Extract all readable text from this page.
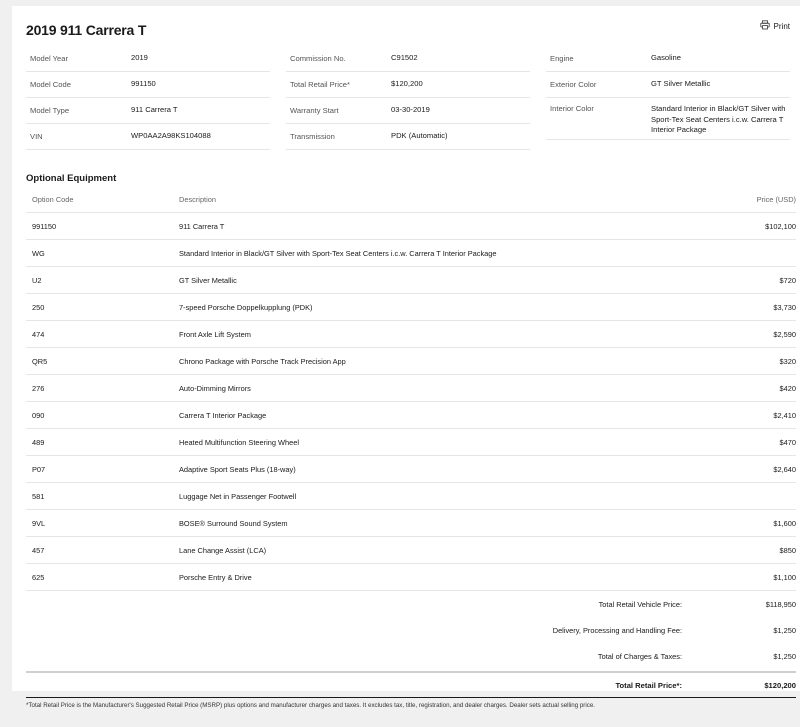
2019 911 Carrera T	Print
Model Year	2019
Model Code	991150
Model Type	911 Carrera T
VIN	WP0AA2A98KS104088
Commission No.	C91502
Total Retail Price*	$120,200
Warranty Start	03-30-2019
Transmission	PDK (Automatic)
Engine	Gasoline
Exterior Color	GT Silver Metallic
Interior Color	Standard Interior in Black/GT Silver with Sport-Tex Seat Centers i.c.w. Carrera T Interior Package
Optional Equipment
Option Code	Description	Price (USD)
991150	911 Carrera T	$102,100
WG	Standard Interior in Black/GT Silver with Sport-Tex Seat Centers i.c.w. Carrera T Interior Package
U2	GT Silver Metallic	$720
250	7-speed Porsche Doppelkupplung (PDK)	$3,730
474	Front Axle Lift System	$2,590
QR5	Chrono Package with Porsche Track Precision App	$320
276	Auto-Dimming Mirrors	$420
090	Carrera T Interior Package	$2,410
489	Heated Multifunction Steering Wheel	$470
P07	Adaptive Sport Seats Plus (18-way)	$2,640
581	Luggage Net in Passenger Footwell
9VL	BOSE® Surround Sound System	$1,600
457	Lane Change Assist (LCA)	$850
625	Porsche Entry & Drive	$1,100
Total Retail Vehicle Price:	$118,950
Delivery, Processing and Handling Fee:	$1,250
Total of Charges & Taxes:	$1,250
Total Retail Price*:	$120,200
*Total Retail Price is the Manufacturer's Suggested Retail Price (MSRP) plus options and manufacturer charges and taxes. It excludes tax, title, registration, and dealer charges. Dealer sets actual selling price.
